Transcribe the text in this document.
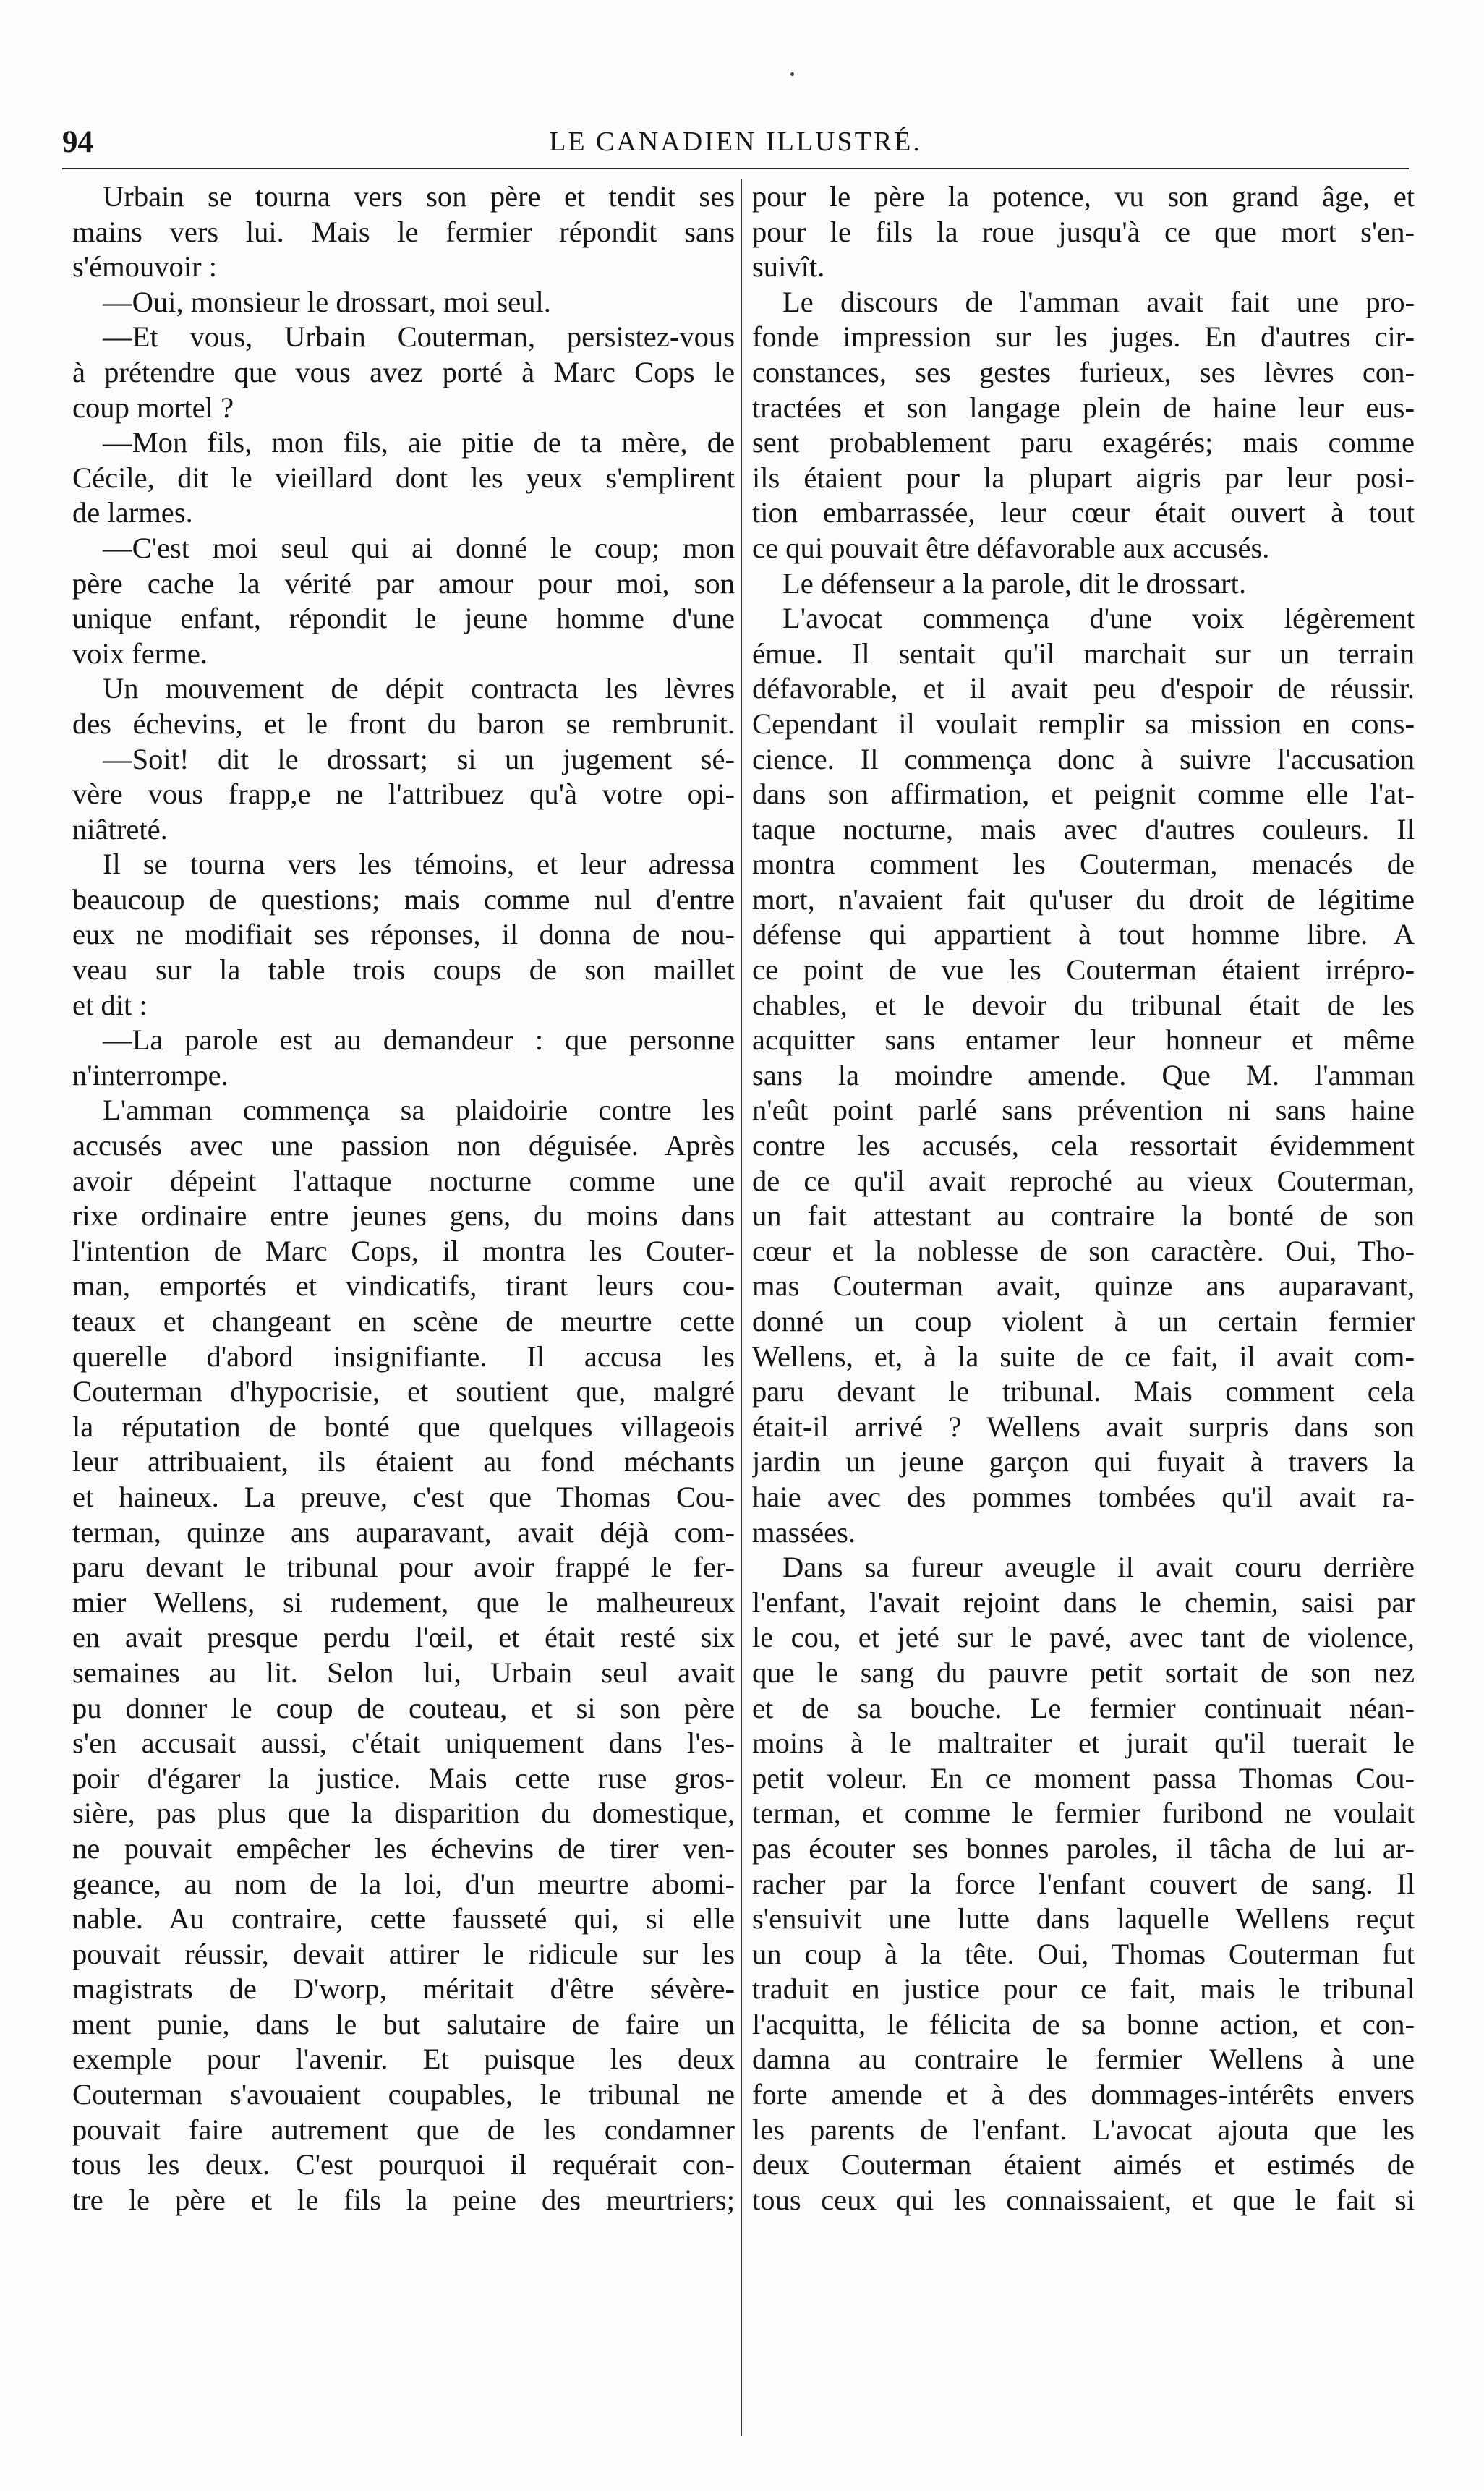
94	LE CANADIEN ILLUSTRÉ.
Urbain se tourna vers son père et tendit ses
mains vers lui. Mais le fermier répondit sans
s'émouvoir :
—Oui, monsieur le drossart, moi seul.
—Et vous, Urbain Couterman, persistez-vous
à prétendre que vous avez porté à Marc Cops le
coup mortel ?
—Mon fils, mon fils, aie pitie de ta mère, de
Cécile, dit le vieillard dont les yeux s'emplirent
de larmes.
—C'est moi seul qui ai donné le coup; mon
père cache la vérité par amour pour moi, son
unique enfant, répondit le jeune homme d'une
voix ferme.
Un mouvement de dépit contracta les lèvres
des échevins, et le front du baron se rembrunit.
—Soit! dit le drossart; si un jugement sé-
vère vous frapp,e ne l'attribuez qu'à votre opi-
niâtreté.
Il se tourna vers les témoins, et leur adressa
beaucoup de questions; mais comme nul d'entre
eux ne modifiait ses réponses, il donna de nou-
veau sur la table trois coups de son maillet
et dit :
—La parole est au demandeur : que personne
n'interrompe.
L'amman commença sa plaidoirie contre les
accusés avec une passion non déguisée. Après
avoir dépeint l'attaque nocturne comme une
rixe ordinaire entre jeunes gens, du moins dans
l'intention de Marc Cops, il montra les Couter-
man, emportés et vindicatifs, tirant leurs cou-
teaux et changeant en scène de meurtre cette
querelle d'abord insignifiante. Il accusa les
Couterman d'hypocrisie, et soutient que, malgré
la réputation de bonté que quelques villageois
leur attribuaient, ils étaient au fond méchants
et haineux. La preuve, c'est que Thomas Cou-
terman, quinze ans auparavant, avait déjà com-
paru devant le tribunal pour avoir frappé le fer-
mier Wellens, si rudement, que le malheureux
en avait presque perdu l'œil, et était resté six
semaines au lit. Selon lui, Urbain seul avait
pu donner le coup de couteau, et si son père
s'en accusait aussi, c'était uniquement dans l'es-
poir d'égarer la justice. Mais cette ruse gros-
sière, pas plus que la disparition du domestique,
ne pouvait empêcher les échevins de tirer ven-
geance, au nom de la loi, d'un meurtre abomi-
nable. Au contraire, cette fausseté qui, si elle
pouvait réussir, devait attirer le ridicule sur les
magistrats de D'worp, méritait d'être sévère-
ment punie, dans le but salutaire de faire un
exemple pour l'avenir. Et puisque les deux
Couterman s'avouaient coupables, le tribunal ne
pouvait faire autrement que de les condamner
tous les deux. C'est pourquoi il requérait con-
tre le père et le fils la peine des meurtriers;
pour le père la potence, vu son grand âge, et
pour le fils la roue jusqu'à ce que mort s'en-
suivît.
Le discours de l'amman avait fait une pro-
fonde impression sur les juges. En d'autres cir-
constances, ses gestes furieux, ses lèvres con-
tractées et son langage plein de haine leur eus-
sent probablement paru exagérés; mais comme
ils étaient pour la plupart aigris par leur posi-
tion embarrassée, leur cœur était ouvert à tout
ce qui pouvait être défavorable aux accusés.
Le défenseur a la parole, dit le drossart.
L'avocat commença d'une voix légèrement
émue. Il sentait qu'il marchait sur un terrain
défavorable, et il avait peu d'espoir de réussir.
Cependant il voulait remplir sa mission en cons-
cience. Il commença donc à suivre l'accusation
dans son affirmation, et peignit comme elle l'at-
taque nocturne, mais avec d'autres couleurs. Il
montra comment les Couterman, menacés de
mort, n'avaient fait qu'user du droit de légitime
défense qui appartient à tout homme libre. A
ce point de vue les Couterman étaient irrépro-
chables, et le devoir du tribunal était de les
acquitter sans entamer leur honneur et même
sans la moindre amende. Que M. l'amman
n'eût point parlé sans prévention ni sans haine
contre les accusés, cela ressortait évidemment
de ce qu'il avait reproché au vieux Couterman,
un fait attestant au contraire la bonté de son
cœur et la noblesse de son caractère. Oui, Tho-
mas Couterman avait, quinze ans auparavant,
donné un coup violent à un certain fermier
Wellens, et, à la suite de ce fait, il avait com-
paru devant le tribunal. Mais comment cela
était-il arrivé ? Wellens avait surpris dans son
jardin un jeune garçon qui fuyait à travers la
haie avec des pommes tombées qu'il avait ra-
massées.
Dans sa fureur aveugle il avait couru derrière
l'enfant, l'avait rejoint dans le chemin, saisi par
le cou, et jeté sur le pavé, avec tant de violence,
que le sang du pauvre petit sortait de son nez
et de sa bouche. Le fermier continuait néan-
moins à le maltraiter et jurait qu'il tuerait le
petit voleur. En ce moment passa Thomas Cou-
terman, et comme le fermier furibond ne voulait
pas écouter ses bonnes paroles, il tâcha de lui ar-
racher par la force l'enfant couvert de sang. Il
s'ensuivit une lutte dans laquelle Wellens reçut
un coup à la tête. Oui, Thomas Couterman fut
traduit en justice pour ce fait, mais le tribunal
l'acquitta, le félicita de sa bonne action, et con-
damna au contraire le fermier Wellens à une
forte amende et à des dommages-intérêts envers
les parents de l'enfant. L'avocat ajouta que les
deux Couterman étaient aimés et estimés de
tous ceux qui les connaissaient, et que le fait si
